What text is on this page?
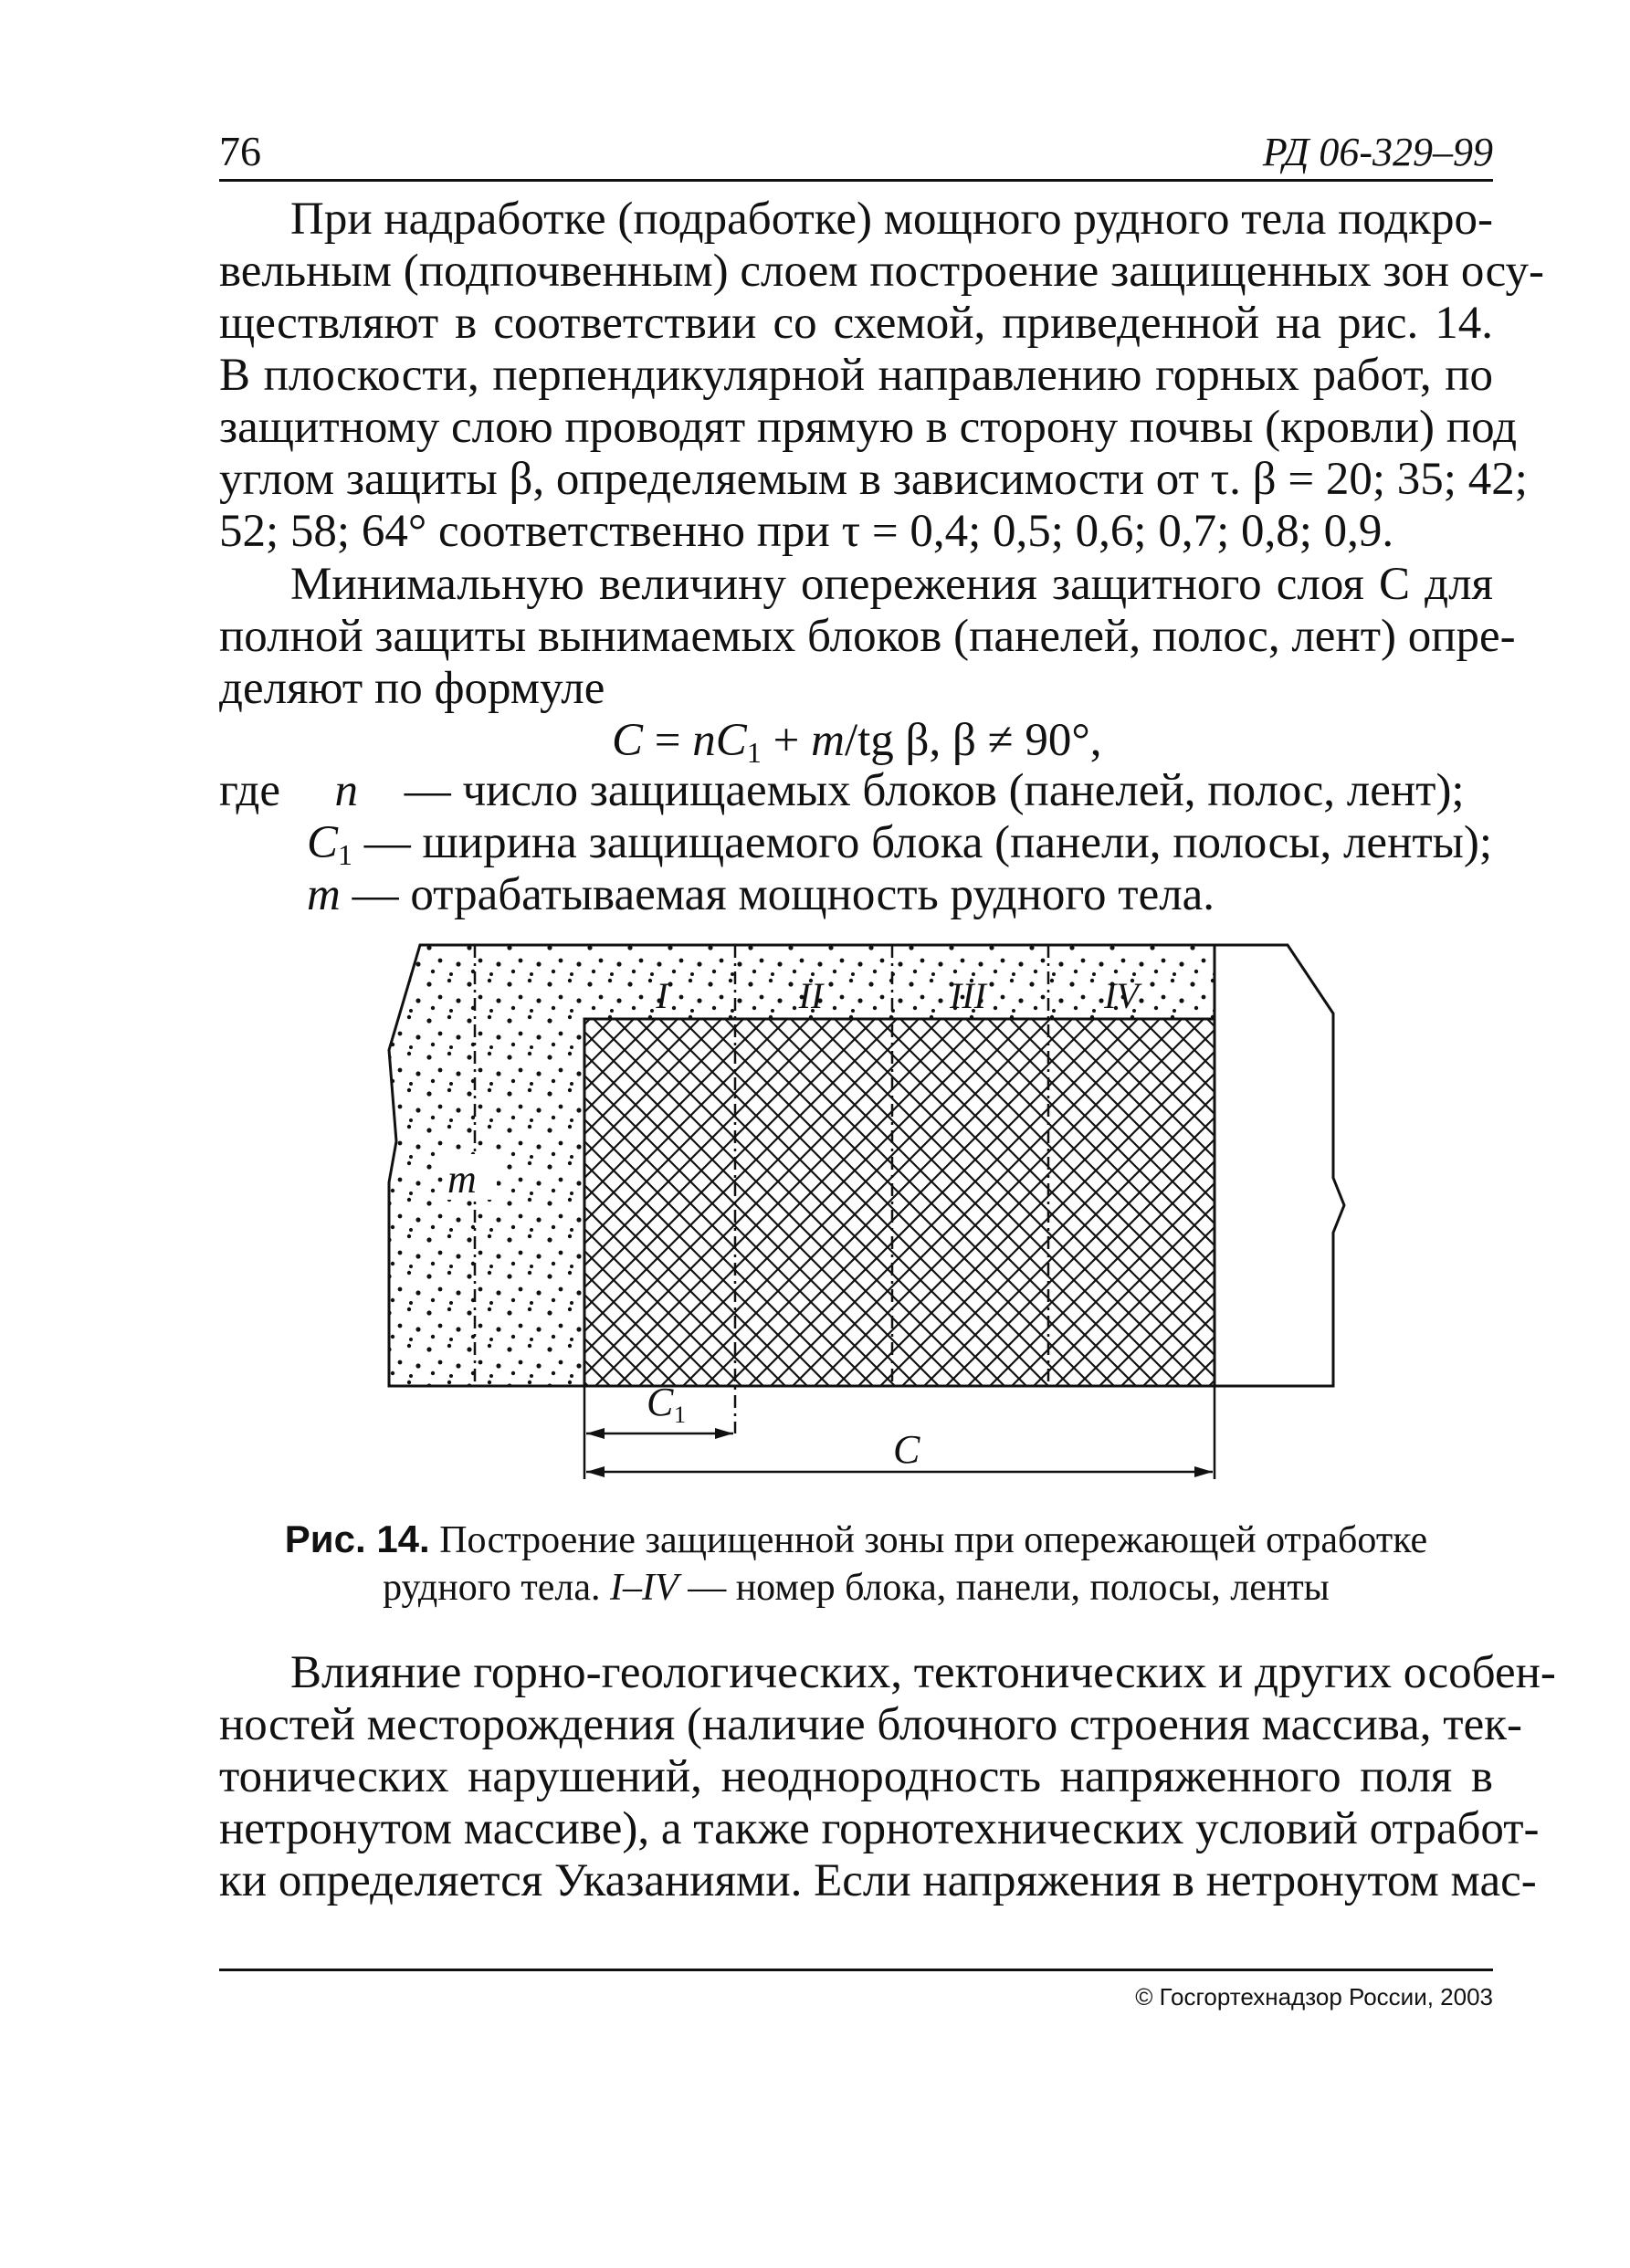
76	РД 06-329–99
При надработке (подработке) мощного рудного тела подкро-
вельным (подпочвенным) слоем построение защищенных зон осу-
ществляют в соответствии со схемой, приведенной на рис. 14.
В плоскости, перпендикулярной направлению горных работ, по
защитному слою проводят прямую в сторону почвы (кровли) под
углом защиты β, определяемым в зависимости от τ. β = 20; 35; 42;
52; 58; 64° соответственно при τ = 0,4; 0,5; 0,6; 0,7; 0,8; 0,9.
Минимальную величину опережения защитного слоя C для
полной защиты вынимаемых блоков (панелей, полос, лент) опре-
деляют по формуле
$C = nC_1 + m/tg$ β, β ≠ 90°,
где n — число защищаемых блоков (панелей, полос, лент);
$C_1$ — ширина защищаемого блока (панели, полосы, ленты);
m — отрабатываемая мощность рудного тела.
m
I	II	III	IV
C 1
C
Рис. 14. Построение защищенной зоны при опережающей отработке
рудного тела. I–IV — номер блока, панели, полосы, ленты
Влияние горно-геологических, тектонических и других особен-
ностей месторождения (наличие блочного строения массива, тек-
тонических нарушений, неоднородность напряженного поля в
нетронутом массиве), а также горнотехнических условий отработ-
ки определяется Указаниями. Если напряжения в нетронутом мас-
© Госгортехнадзор России, 2003
